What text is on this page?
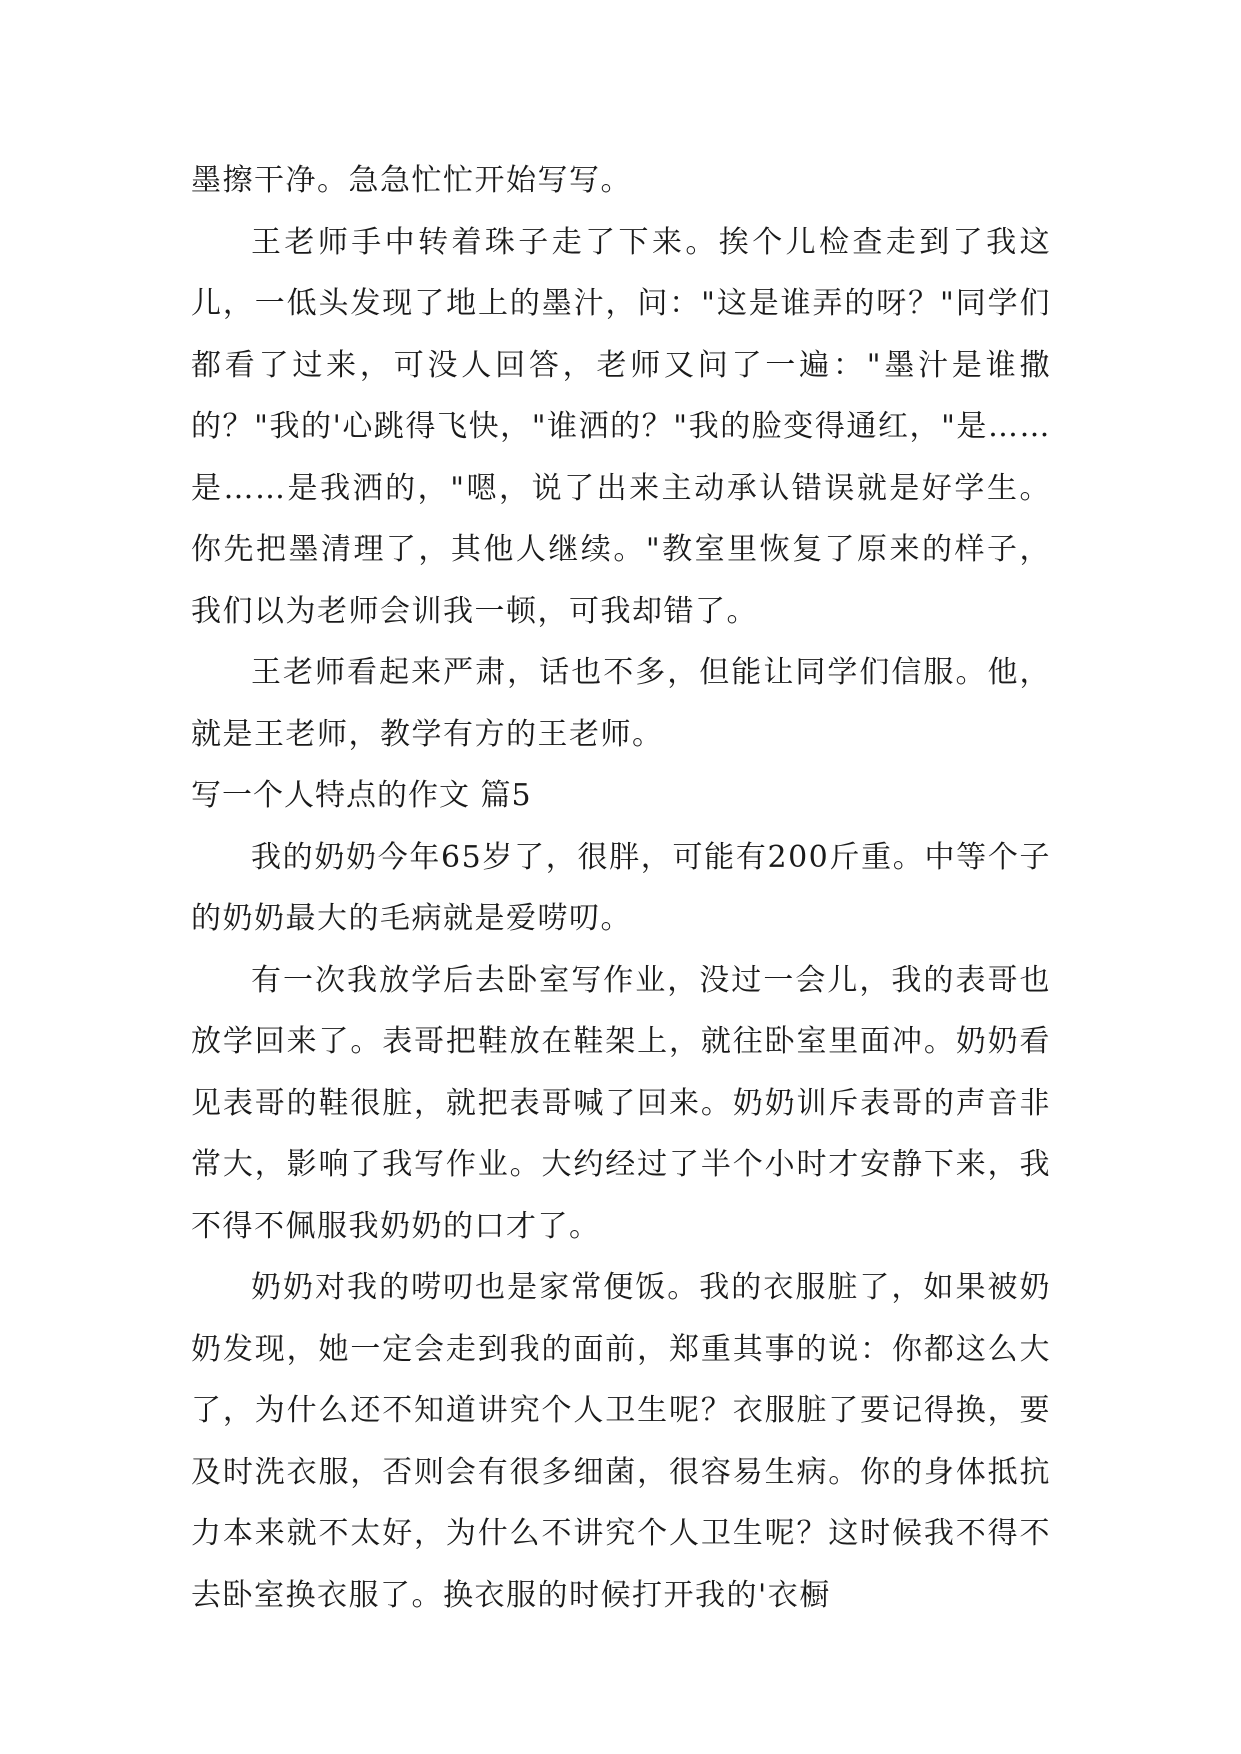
墨擦干净。急急忙忙开始写写。

王老师手中转着珠子走了下来。挨个儿检查走到了我这儿，一低头发现了地上的墨汁，问："这是谁弄的呀？"同学们都看了过来，可没人回答，老师又问了一遍："墨汁是谁撒的？"我的'心跳得飞快，"谁洒的？"我的脸变得通红，"是……是……是我洒的，"嗯，说了出来主动承认错误就是好学生。你先把墨清理了，其他人继续。"教室里恢复了原来的样子，我们以为老师会训我一顿，可我却错了。

王老师看起来严肃，话也不多，但能让同学们信服。他，就是王老师，教学有方的王老师。

写一个人特点的作文 篇5

我的奶奶今年65岁了，很胖，可能有200斤重。中等个子的奶奶最大的毛病就是爱唠叨。

有一次我放学后去卧室写作业，没过一会儿，我的表哥也放学回来了。表哥把鞋放在鞋架上，就往卧室里面冲。奶奶看见表哥的鞋很脏，就把表哥喊了回来。奶奶训斥表哥的声音非常大，影响了我写作业。大约经过了半个小时才安静下来，我不得不佩服我奶奶的口才了。

奶奶对我的唠叨也是家常便饭。我的衣服脏了，如果被奶奶发现，她一定会走到我的面前，郑重其事的说：你都这么大了，为什么还不知道讲究个人卫生呢？衣服脏了要记得换，要及时洗衣服，否则会有很多细菌，很容易生病。你的身体抵抗力本来就不太好，为什么不讲究个人卫生呢？这时候我不得不去卧室换衣服了。换衣服的时候打开我的'衣橱
